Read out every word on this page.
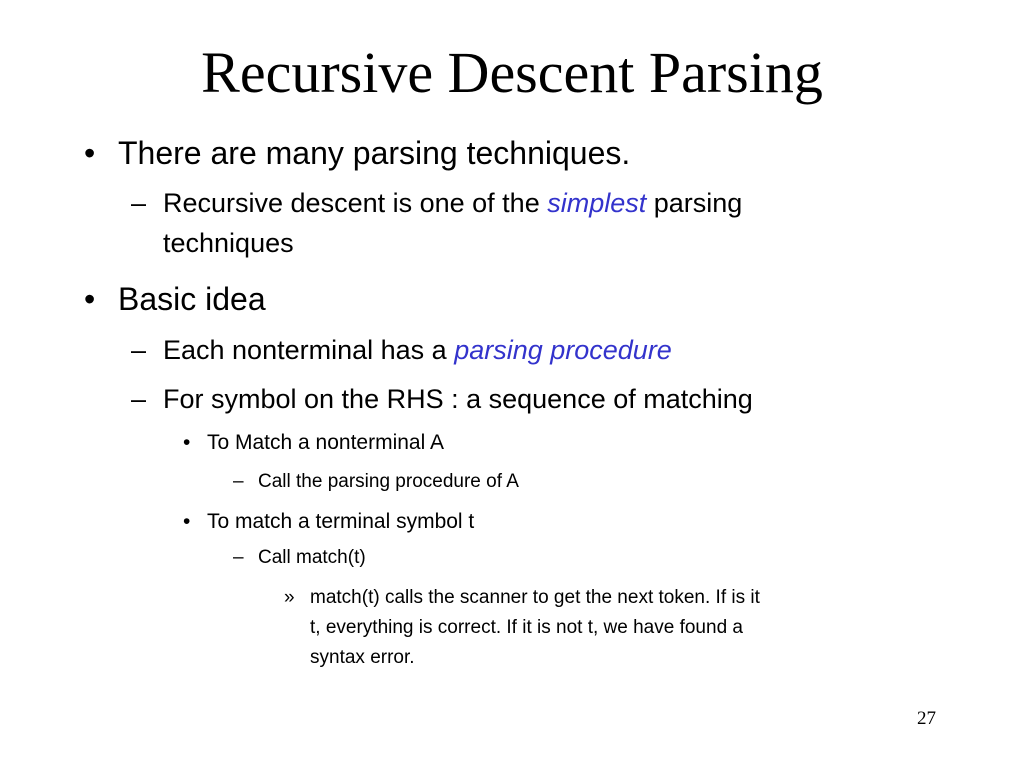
Recursive Descent Parsing
• There are many parsing techniques.
– Recursive descent is one of the simplest parsing
techniques
• Basic idea
– Each nonterminal has a parsing procedure
– For symbol on the RHS : a sequence of matching
• To Match a nonterminal A
– Call the parsing procedure of A
• To match a terminal symbol t
– Call match(t)
» match(t) calls the scanner to get the next token. If is it
t, everything is correct. If it is not t, we have found a
syntax error.
27
